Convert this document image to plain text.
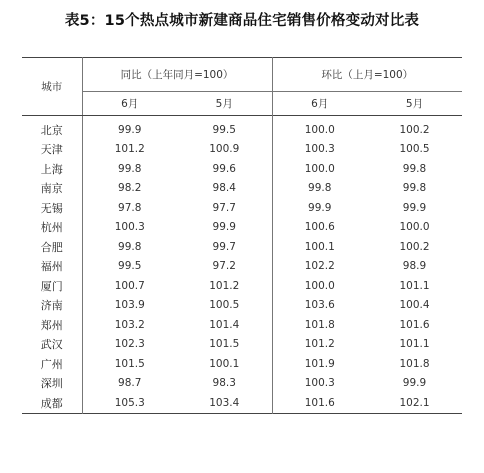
表5：15个热点城市新建商品住宅销售价格变动对比表
城市	同比（上年同月=100）		环比（上月=100）	
	6月	5月	6月	5月
北京	99.9	99.5	100.0	100.2
天津	101.2	100.9	100.3	100.5
上海	99.8	99.6	100.0	99.8
南京	98.2	98.4	99.8	99.8
无锡	97.8	97.7	99.9	99.9
杭州	100.3	99.9	100.6	100.0
合肥	99.8	99.7	100.1	100.2
福州	99.5	97.2	102.2	98.9
厦门	100.7	101.2	100.0	101.1
济南	103.9	100.5	103.6	100.4
郑州	103.2	101.4	101.8	101.6
武汉	102.3	101.5	101.2	101.1
广州	101.5	100.1	101.9	101.8
深圳	98.7	98.3	100.3	99.9
成都	105.3	103.4	101.6	102.1
